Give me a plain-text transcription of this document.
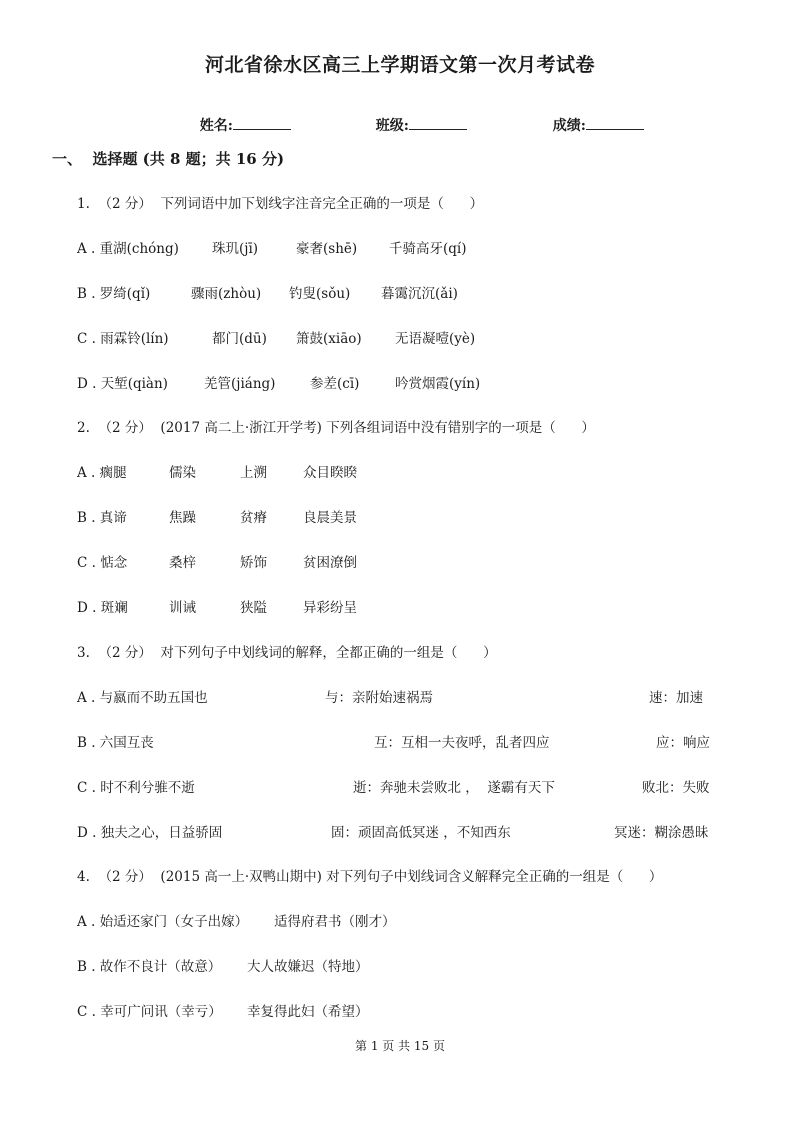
河北省徐水区高三上学期语文第一次月考试卷

姓名:	班级:	成绩:

一、  选择题 (共 8 题；共 16 分)
1.  （2 分）  下列词语中加下划线字注音完全正确的一项是（      ）
A . 重湖(chóng) 珠玑(jī)	豪奢(shē) 千骑高牙(qí)
B . 罗绮(qǐ)	骤雨(zhòu) 钓叟(sǒu) 暮霭沉沉(ǎi)
C . 雨霖铃(lín)	都门(dū) 箫鼓(xiāo) 无语凝噎(yè)
D . 天堑(qiàn)	羌管(jiáng)	参差(cī)	吟赏烟霞(yín)
2.  （2 分）  (2017 高二上·浙江开学考) 下列各组词语中没有错别字的一项是（      ）
A . 瘸腿	儒染	上溯	众目睽睽
B . 真谛	焦躁	贫瘠	良晨美景
C . 惦念	桑梓	矫饰	贫困潦倒
D . 斑斓	训诫	狭隘	异彩纷呈
3.  （2 分）  对下列句子中划线词的解释，全都正确的一组是（      ）
A . 与嬴而不助五国也	与：亲附始速祸焉	速：加速
B . 六国互丧	互：互相一夫夜呼，乱者四应	应：响应
C . 时不利兮骓不逝	逝：奔驰未尝败北 ，  遂霸有天下	败北：失败
D . 独夫之心，日益骄固	固：顽固高低冥迷 ，不知西东	冥迷：糊涂愚昧
4.  （2 分）  (2015 高一上·双鸭山期中) 对下列句子中划线词含义解释完全正确的一组是（      ）
A . 始适还家门（女子出嫁） 适得府君书（刚才）
B . 故作不良计（故意） 大人故嫌迟（特地）
C . 幸可广问讯（幸亏） 幸复得此妇（希望）
第 1 页 共 15 页
